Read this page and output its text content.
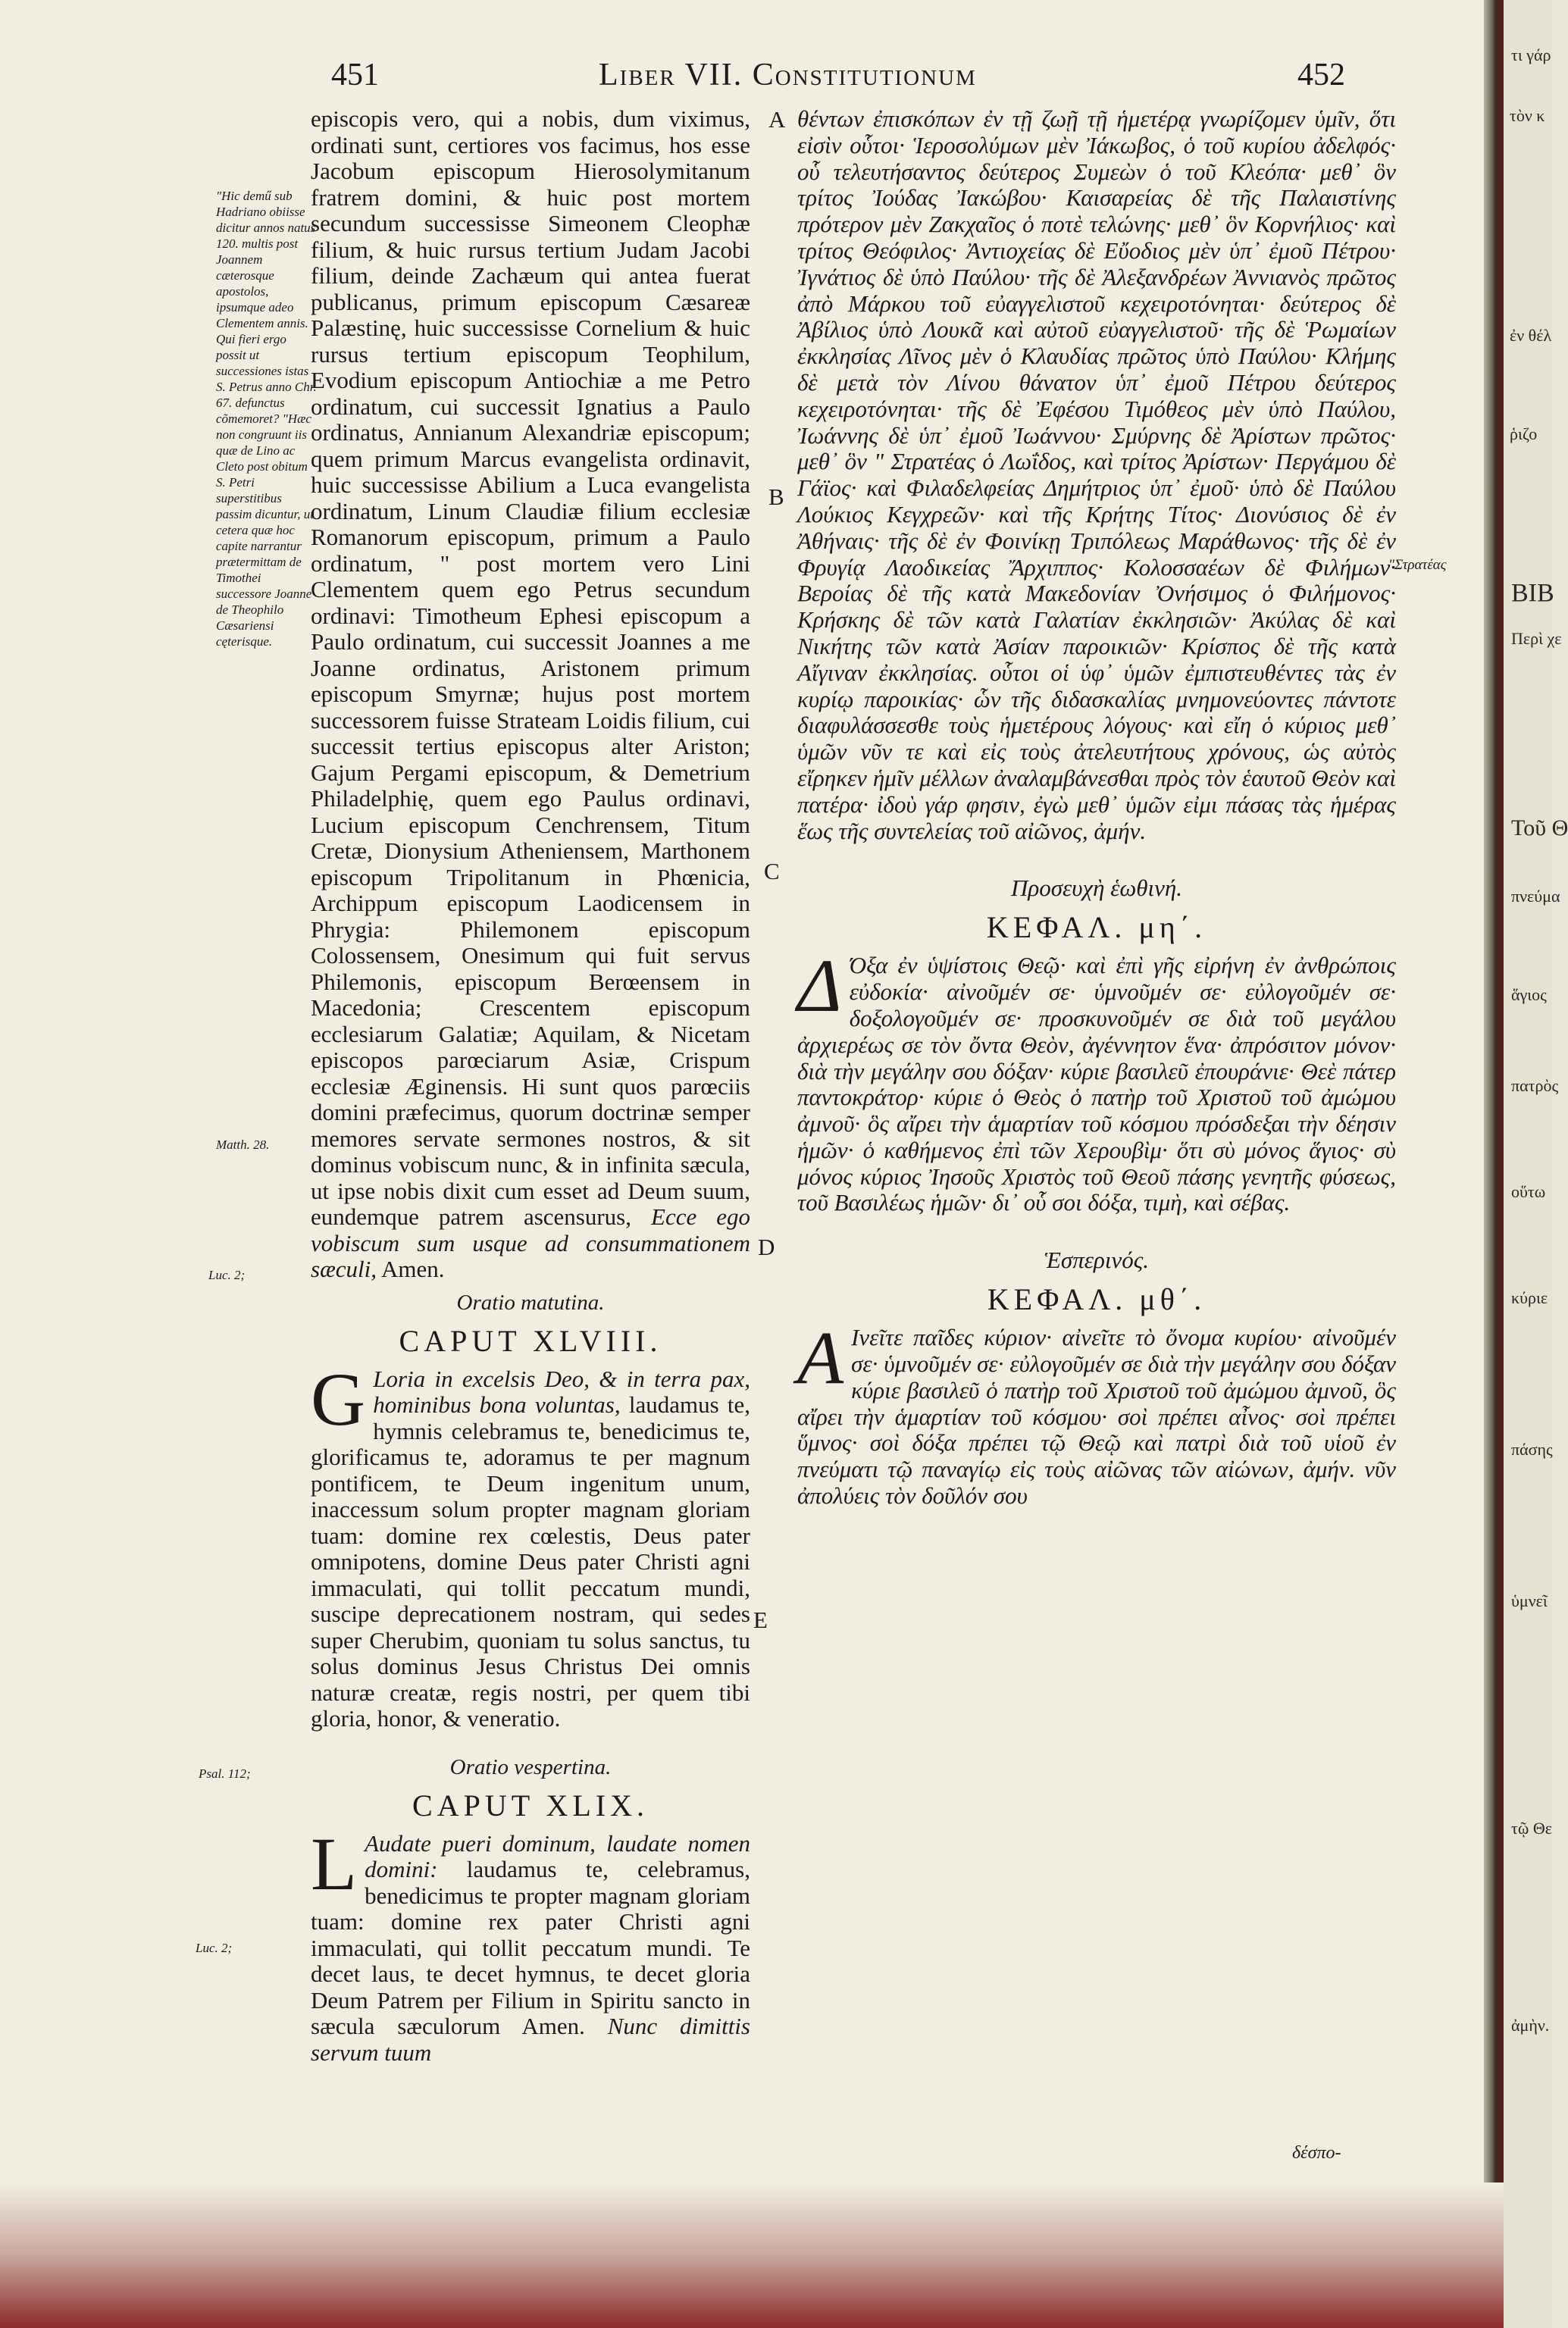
τι γάρ
τὸν κ
ἐν θέλ
ῥιζο
ΒΙΒ
Περὶ χε
Τοῦ Θ
πνεύμα
ἅγιος
πατρὸς
οὕτω
κύριε
πάσης
ὑμνεῖ
τῷ Θε
ἀμὴν.
451	Liber VII. Constitutionum	452
"Hic demű sub Hadriano obiisse dicitur annos natus 120. multis post Joannem cæterosque apostolos, ipsumque adeo Clementem annis. Qui fieri ergo possit ut successiones istas S. Petrus anno Chr. 67. defunctus cõmemoret? "Hæc non congruunt iis quæ de Lino ac Cleto post obitum S. Petri superstitibus passim dicuntur, ut cetera quæ hoc capite narrantur prætermittam de Timothei successore Joanne de Theophilo Cæsariensi cęterisque.
Matth. 28.
Luc. 2;
Psal. 112;
Luc. 2;
A
B
C
D
E

episcopis vero, qui a nobis, dum viximus, ordinati sunt, certiores vos facimus, hos esse Jacobum episcopum Hierosolymitanum fratrem domini, & huic post mortem secundum successisse Simeonem Cleophæ filium, & huic rursus tertium Judam Jacobi filium, deinde Zachæum qui antea fuerat publicanus, primum episcopum Cæsareæ Palæstinę, huic successisse Cornelium & huic rursus tertium episcopum Teophilum, Evodium episcopum Antiochiæ a me Petro ordinatum, cui successit Ignatius a Paulo ordinatus, Annianum Alexandriæ episcopum; quem primum Marcus evangelista ordinavit, huic successisse Abilium a Luca evangelista ordinatum, Linum Claudiæ filium ecclesiæ Romanorum episcopum, primum a Paulo ordinatum, " post mortem vero Lini Clementem quem ego Petrus secundum ordinavi: Timotheum Ephesi episcopum a Paulo ordinatum, cui successit Joannes a me Joanne ordinatus, Aristonem primum episcopum Smyrnæ; hujus post mortem successorem fuisse Strateam Loidis filium, cui successit tertius episcopus alter Ariston; Gajum Pergami episcopum, & Demetrium Philadelphię, quem ego Paulus ordinavi, Lucium episcopum Cenchrensem, Titum Cretæ, Dionysium Atheniensem, Marthonem episcopum Tripolitanum in Phœnicia, Archippum episcopum Laodicensem in Phrygia: Philemonem episcopum Colossensem, Onesimum qui fuit servus Philemonis, episcopum Berœensem in Macedonia; Crescentem episcopum ecclesiarum Galatiæ; Aquilam, & Nicetam episcopos parœciarum Asiæ, Crispum ecclesiæ Æginensis. Hi sunt quos parœciis domini præfecimus, quorum doctrinæ semper memores servate sermones nostros, & sit dominus vobiscum nunc, & in infinita sæcula, ut ipse nobis dixit cum esset ad Deum suum, eundemque patrem ascensurus, Ecce ego vobiscum sum usque ad consummationem sæculi, Amen.

Oratio matutina.

CAPUT XLVIII.

G Loria in excelsis Deo, & in terra pax, hominibus bona voluntas, laudamus te, hymnis celebramus te, benedicimus te, glorificamus te, adoramus te per magnum pontificem, te Deum ingenitum unum, inaccessum solum propter magnam gloriam tuam: domine rex cœlestis, Deus pater omnipotens, domine Deus pater Christi agni immaculati, qui tollit peccatum mundi, suscipe deprecationem nostram, qui sedes super Cherubim, quoniam tu solus sanctus, tu solus dominus Jesus Christus Dei omnis naturæ creatæ, regis nostri, per quem tibi gloria, honor, & veneratio.

Oratio vespertina.

CAPUT XLIX.

L Audate pueri dominum, laudate nomen domini: laudamus te, celebramus, benedicimus te propter magnam gloriam tuam: domine rex pater Christi agni immaculati, qui tollit peccatum mundi. Te decet laus, te decet hymnus, te decet gloria Deum Patrem per Filium in Spiritu sancto in sæcula sæculorum Amen. Nunc dimittis servum tuum

θέντων ἐπισκόπων ἐν τῇ ζωῇ τῇ ἡμετέρᾳ γνωρίζομεν ὑμῖν, ὅτι εἰσὶν οὗτοι· Ἱεροσολύμων μὲν Ἰάκωβος, ὁ τοῦ κυρίου ἀδελφός· οὗ τελευτήσαντος δεύτερος Συμεὼν ὁ τοῦ Κλεόπα· μεθ᾽ ὃν τρίτος Ἰούδας Ἰακώβου· Καισαρείας δὲ τῆς Παλαιστίνης πρότερον μὲν Ζακχαῖος ὁ ποτὲ τελώνης· μεθ᾽ ὃν Κορνήλιος· καὶ τρίτος Θεόφιλος· Ἀντιοχείας δὲ Εὔοδιος μὲν ὑπ᾽ ἐμοῦ Πέτρου· Ἰγνάτιος δὲ ὑπὸ Παύλου· τῆς δὲ Ἀλεξανδρέων Ἀννιανὸς πρῶτος ἀπὸ Μάρκου τοῦ εὐαγγελιστοῦ κεχειροτόνηται· δεύτερος δὲ Ἀβίλιος ὑπὸ Λουκᾶ καὶ αὐτοῦ εὐαγγελιστοῦ· τῆς δὲ Ῥωμαίων ἐκκλησίας Λῖνος μὲν ὁ Κλαυδίας πρῶτος ὑπὸ Παύλου· Κλήμης δὲ μετὰ τὸν Λίνου θάνατον ὑπ᾽ ἐμοῦ Πέτρου δεύτερος κεχειροτόνηται· τῆς δὲ Ἐφέσου Τιμόθεος μὲν ὑπὸ Παύλου, Ἰωάννης δὲ ὑπ᾽ ἐμοῦ Ἰωάννου· Σμύρνης δὲ Ἀρίστων πρῶτος· μεθ᾽ ὃν " Στρατέας ὁ Λωΐδος, καὶ τρίτος Ἀρίστων· Περγάμου δὲ Γάϊος· καὶ Φιλαδελφείας Δημήτριος ὑπ᾽ ἐμοῦ· ὑπὸ δὲ Παύλου Λούκιος Κεγχρεῶν· καὶ τῆς Κρήτης Τίτος· Διονύσιος δὲ ἐν Ἀθήναις· τῆς δὲ ἐν Φοινίκῃ Τριπόλεως Μαράθωνος· τῆς δὲ ἐν Φρυγίᾳ Λαοδικείας Ἄρχιππος· Κολοσσαέων δὲ Φιλήμων· Βεροίας δὲ τῆς κατὰ Μακεδονίαν Ὀνήσιμος ὁ Φιλήμονος· Κρήσκης δὲ τῶν κατὰ Γαλατίαν ἐκκλησιῶν· Ἀκύλας δὲ καὶ Νικήτης τῶν κατὰ Ἀσίαν παροικιῶν· Κρίσπος δὲ τῆς κατὰ Αἴγιναν ἐκκλησίας. οὗτοι οἱ ὑφ᾽ ὑμῶν ἐμπιστευθέντες τὰς ἐν κυρίῳ παροικίας· ὧν τῆς διδασκαλίας μνημονεύοντες πάντοτε διαφυλάσσεσθε τοὺς ἡμετέρους λόγους· καὶ εἴη ὁ κύριος μεθ᾽ ὑμῶν νῦν τε καὶ εἰς τοὺς ἀτελευτήτους χρόνους, ὡς αὐτὸς εἴρηκεν ἡμῖν μέλλων ἀναλαμβάνεσθαι πρὸς τὸν ἑαυτοῦ Θεὸν καὶ πατέρα· ἰδοὺ γάρ φησιν, ἐγὼ μεθ᾽ ὑμῶν εἰμι πάσας τὰς ἡμέρας ἕως τῆς συντελείας τοῦ αἰῶνος, ἀμήν.

Προσευχὴ ἑωθινή.

ΚΕΦΑΛ. μη΄.

Δ Όξα ἐν ὑψίστοις Θεῷ· καὶ ἐπὶ γῆς εἰρήνη ἐν ἀνθρώποις εὐδοκία· αἰνοῦμέν σε· ὑμνοῦμέν σε· εὐλογοῦμέν σε· δοξολογοῦμέν σε· προσκυνοῦμέν σε διὰ τοῦ μεγάλου ἀρχιερέως σε τὸν ὄντα Θεὸν, ἀγέννητον ἕνα· ἀπρόσιτον μόνον· διὰ τὴν μεγάλην σου δόξαν· κύριε βασιλεῦ ἐπουράνιε· Θεὲ πάτερ παντοκράτορ· κύριε ὁ Θεὸς ὁ πατὴρ τοῦ Χριστοῦ τοῦ ἀμώμου ἀμνοῦ· ὃς αἴρει τὴν ἁμαρτίαν τοῦ κόσμου πρόσδεξαι τὴν δέησιν ἡμῶν· ὁ καθήμενος ἐπὶ τῶν Χερουβὶμ· ὅτι σὺ μόνος ἅγιος· σὺ μόνος κύριος Ἰησοῦς Χριστὸς τοῦ Θεοῦ πάσης γενητῆς φύσεως, τοῦ Βασιλέως ἡμῶν· δι᾽ οὗ σοι δόξα, τιμὴ, καὶ σέβας.

Ἑσπερινός.

ΚΕΦΑΛ. μθ΄.

Α Ινεῖτε παῖδες κύριον· αἰνεῖτε τὸ ὄνομα κυρίου· αἰνοῦμέν σε· ὑμνοῦμέν σε· εὐλογοῦμέν σε διὰ τὴν μεγάλην σου δόξαν κύριε βασιλεῦ ὁ πατὴρ τοῦ Χριστοῦ τοῦ ἀμώμου ἀμνοῦ, ὃς αἴρει τὴν ἁμαρτίαν τοῦ κόσμου· σοὶ πρέπει αἶνος· σοὶ πρέπει ὕμνος· σοὶ δόξα πρέπει τῷ Θεῷ καὶ πατρὶ διὰ τοῦ υἱοῦ ἐν πνεύματι τῷ παναγίῳ εἰς τοὺς αἰῶνας τῶν αἰώνων, ἀμήν. νῦν ἀπολύεις τὸν δοῦλόν σου

"Στρατέας
δέσπο-
